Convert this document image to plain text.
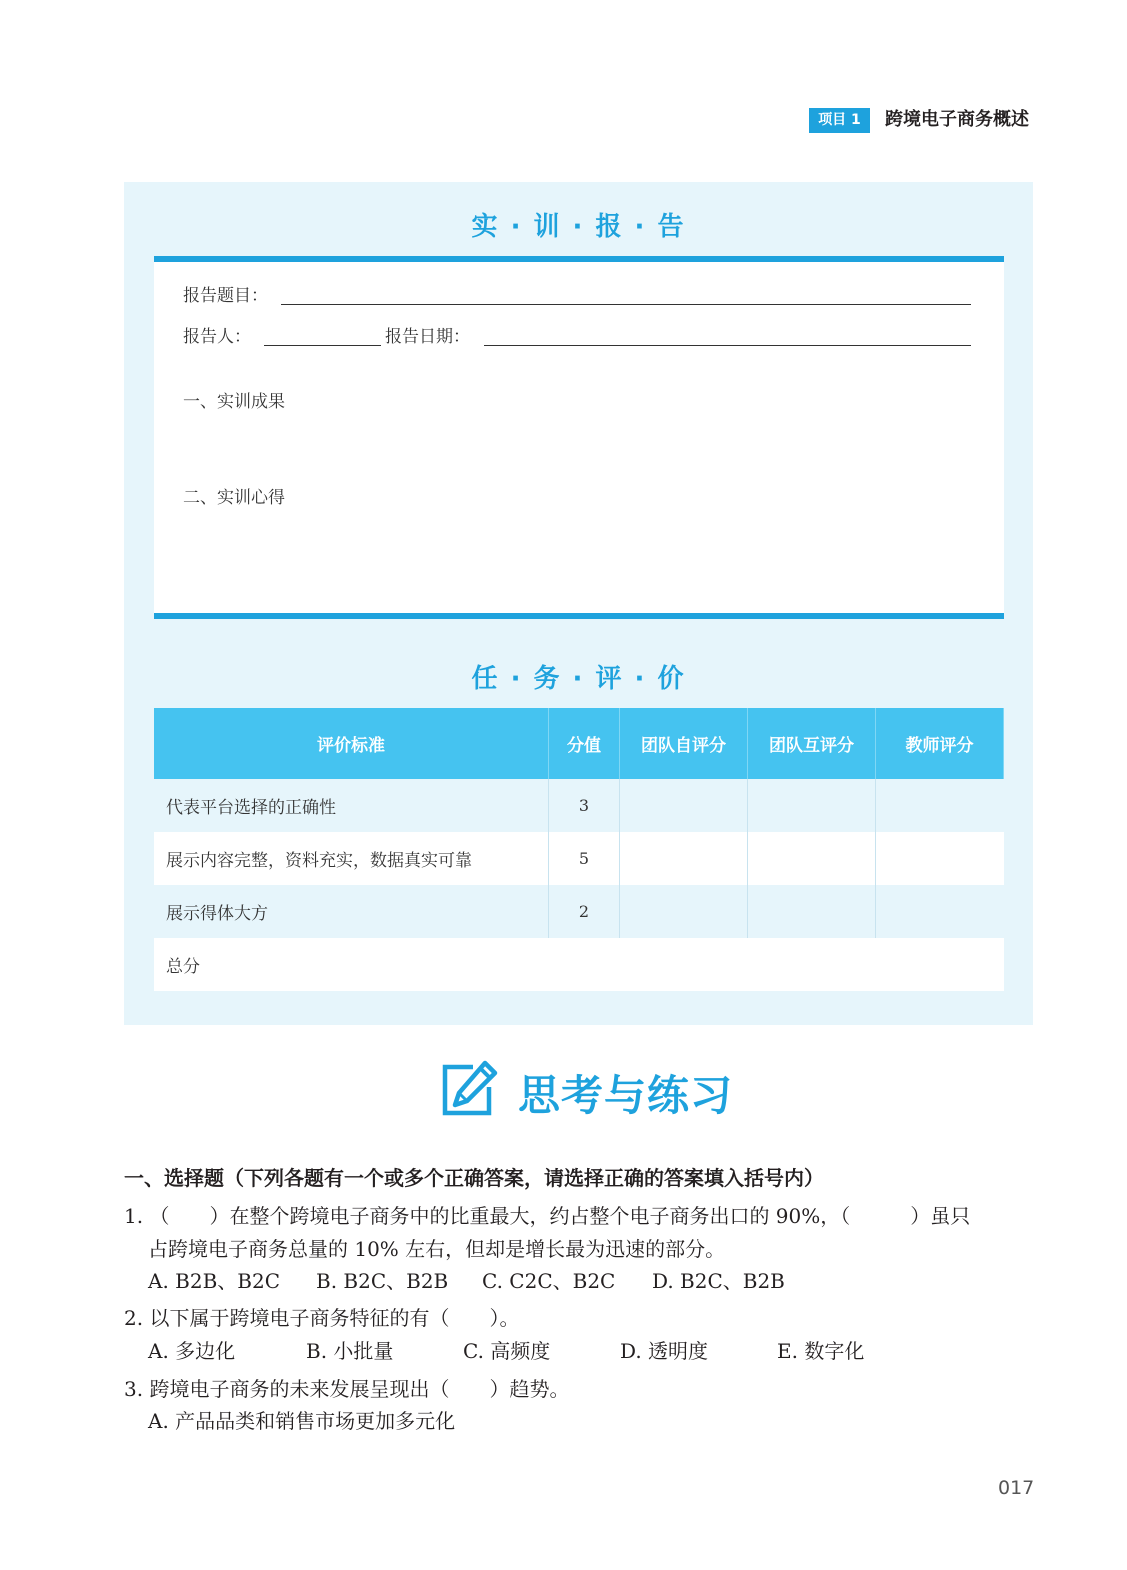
项目 1	跨境电子商务概述
实 · 训 · 报 · 告
报告题目：
报告人：	报告日期：
一、实训成果
二、实训心得
任 · 务 · 评 · 价
评价标准	分值	团队自评分	团队互评分	教师评分
代表平台选择的正确性	3
展示内容完整，资料充实，数据真实可靠	5
展示得体大方	2
总分
思考与练习
一、选择题（下列各题有一个或多个正确答案，请选择正确的答案填入括号内）
1. （　　）在整个跨境电子商务中的比重最大，约占整个电子商务出口的 90%，（　　　）虽只
占跨境电子商务总量的 10% 左右，但却是增长最为迅速的部分。
A. B2B、B2C B. B2C、B2B C. C2C、B2C D. B2C、B2B
2. 以下属于跨境电子商务特征的有（　　）。
A. 多边化	B. 小批量	C. 高频度	D. 透明度	E. 数字化
3. 跨境电子商务的未来发展呈现出（　　）趋势。
A. 产品品类和销售市场更加多元化
017
